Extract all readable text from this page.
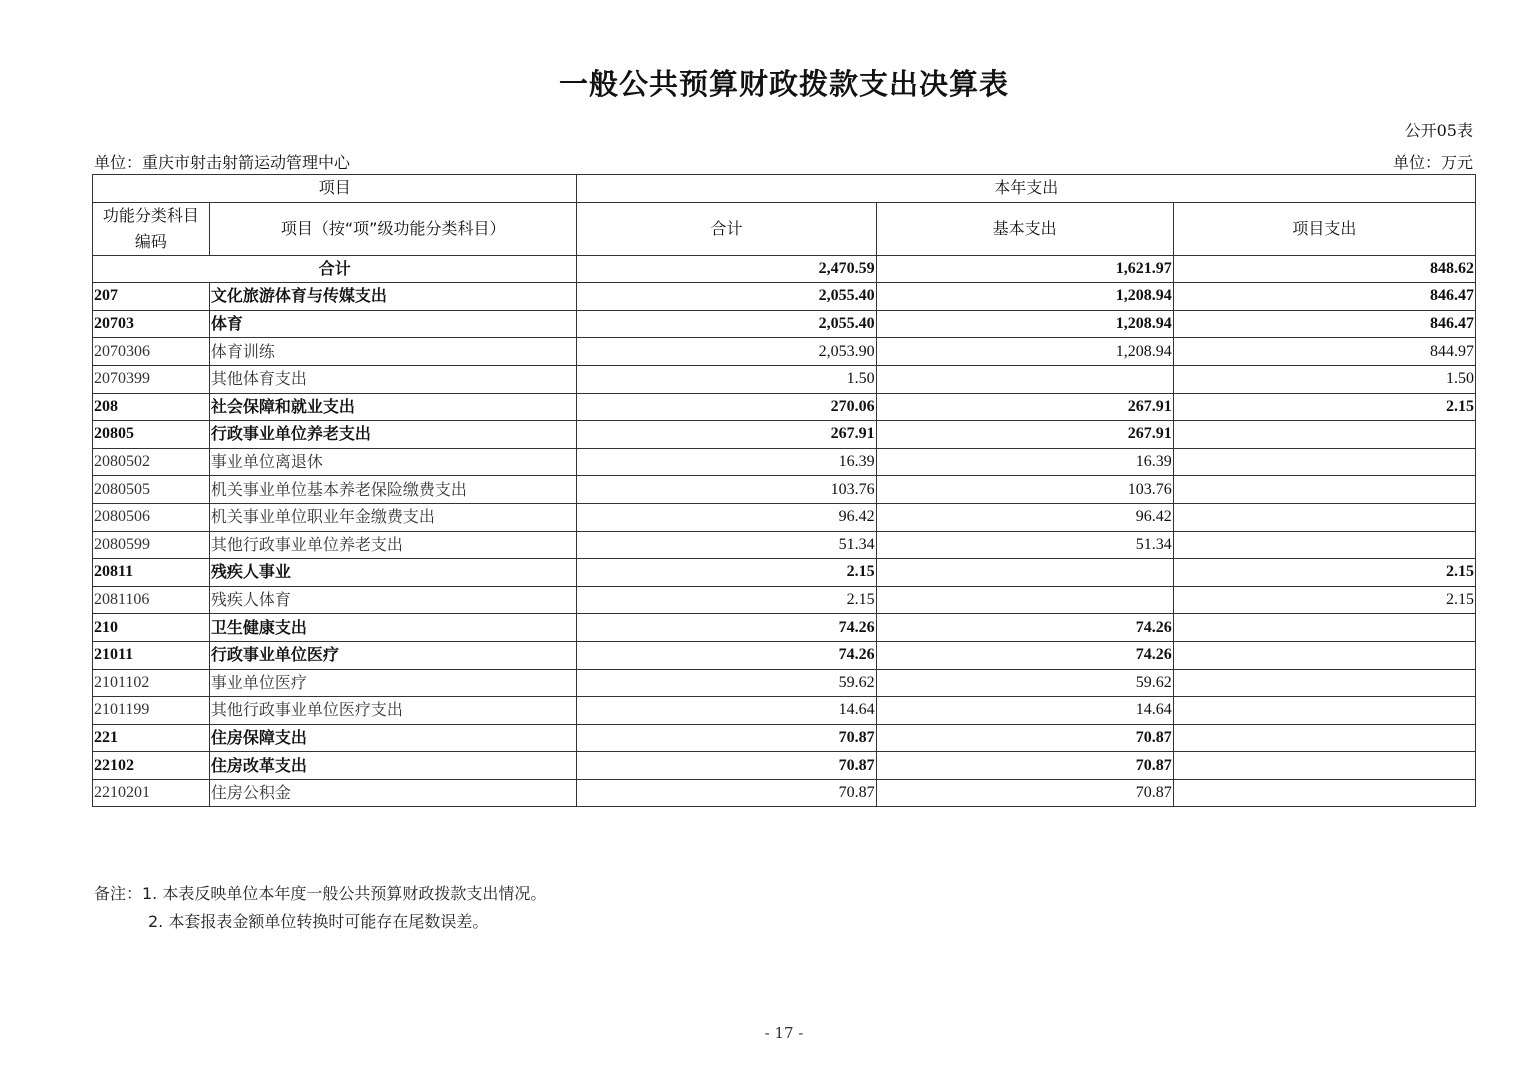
一般公共预算财政拨款支出决算表
公开05表
单位：重庆市射击射箭运动管理中心	单位：万元
项目		本年支出		

功能分类科目编码	项目（按“项”级功能分类科目）	合计	基本支出	项目支出
合计		2,470.59	1,621.97	848.62
207	文化旅游体育与传媒支出	2,055.40	1,208.94	846.47
20703	体育	2,055.40	1,208.94	846.47
2070306	体育训练	2,053.90	1,208.94	844.97
2070399	其他体育支出	1.50		1.50
208	社会保障和就业支出	270.06	267.91	2.15
20805	行政事业单位养老支出	267.91	267.91	
2080502	事业单位离退休	16.39	16.39	
2080505	机关事业单位基本养老保险缴费支出	103.76	103.76	
2080506	机关事业单位职业年金缴费支出	96.42	96.42	
2080599	其他行政事业单位养老支出	51.34	51.34	
20811	残疾人事业	2.15		2.15
2081106	残疾人体育	2.15		2.15
210	卫生健康支出	74.26	74.26	
21011	行政事业单位医疗	74.26	74.26	
2101102	事业单位医疗	59.62	59.62	
2101199	其他行政事业单位医疗支出	14.64	14.64	
221	住房保障支出	70.87	70.87	
22102	住房改革支出	70.87	70.87	
2210201	住房公积金	70.87	70.87	
备注：1. 本表反映单位本年度一般公共预算财政拨款支出情况。
2. 本套报表金额单位转换时可能存在尾数误差。
- 17 -
